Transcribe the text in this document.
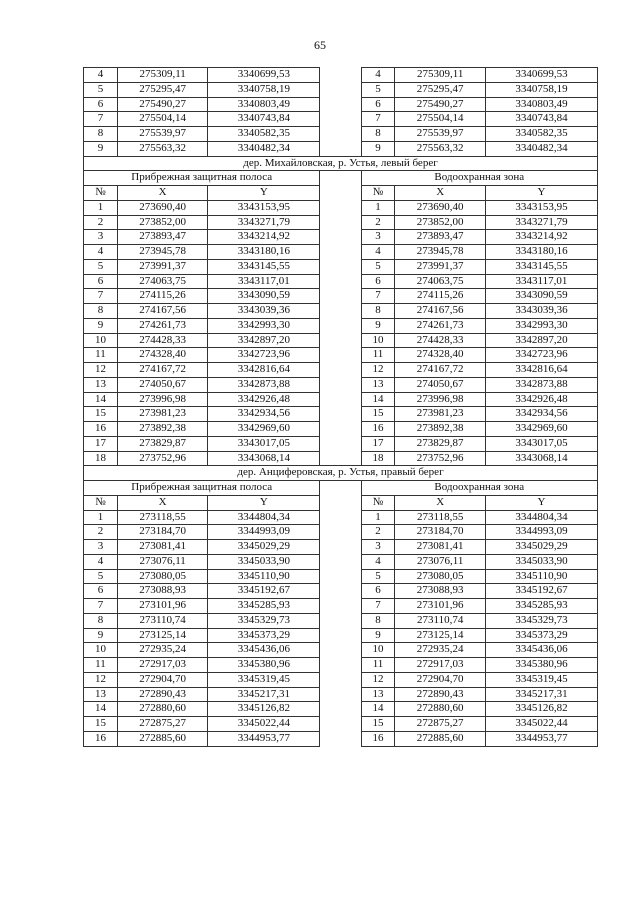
65
4	275309,11	3340699,53		4	275309,11	3340699,53
5	275295,47	3340758,19		5	275295,47	3340758,19
6	275490,27	3340803,49		6	275490,27	3340803,49
7	275504,14	3340743,84		7	275504,14	3340743,84
8	275539,97	3340582,35		8	275539,97	3340582,35
9	275563,32	3340482,34		9	275563,32	3340482,34
дер. Михайловская, р. Устья, левый берег						
Прибрежная защитная полоса				Водоохранная зона		
№	X	Y		№	X	Y
1	273690,40	3343153,95		1	273690,40	3343153,95
2	273852,00	3343271,79		2	273852,00	3343271,79
3	273893,47	3343214,92		3	273893,47	3343214,92
4	273945,78	3343180,16		4	273945,78	3343180,16
5	273991,37	3343145,55		5	273991,37	3343145,55
6	274063,75	3343117,01		6	274063,75	3343117,01
7	274115,26	3343090,59		7	274115,26	3343090,59
8	274167,56	3343039,36		8	274167,56	3343039,36
9	274261,73	3342993,30		9	274261,73	3342993,30
10	274428,33	3342897,20		10	274428,33	3342897,20
11	274328,40	3342723,96		11	274328,40	3342723,96
12	274167,72	3342816,64		12	274167,72	3342816,64
13	274050,67	3342873,88		13	274050,67	3342873,88
14	273996,98	3342926,48		14	273996,98	3342926,48
15	273981,23	3342934,56		15	273981,23	3342934,56
16	273892,38	3342969,60		16	273892,38	3342969,60
17	273829,87	3343017,05		17	273829,87	3343017,05
18	273752,96	3343068,14		18	273752,96	3343068,14
дер. Анциферовская, р. Устья, правый берег						
Прибрежная защитная полоса				Водоохранная зона		
№	X	Y		№	X	Y
1	273118,55	3344804,34		1	273118,55	3344804,34
2	273184,70	3344993,09		2	273184,70	3344993,09
3	273081,41	3345029,29		3	273081,41	3345029,29
4	273076,11	3345033,90		4	273076,11	3345033,90
5	273080,05	3345110,90		5	273080,05	3345110,90
6	273088,93	3345192,67		6	273088,93	3345192,67
7	273101,96	3345285,93		7	273101,96	3345285,93
8	273110,74	3345329,73		8	273110,74	3345329,73
9	273125,14	3345373,29		9	273125,14	3345373,29
10	272935,24	3345436,06		10	272935,24	3345436,06
11	272917,03	3345380,96		11	272917,03	3345380,96
12	272904,70	3345319,45		12	272904,70	3345319,45
13	272890,43	3345217,31		13	272890,43	3345217,31
14	272880,60	3345126,82		14	272880,60	3345126,82
15	272875,27	3345022,44		15	272875,27	3345022,44
16	272885,60	3344953,77		16	272885,60	3344953,77
